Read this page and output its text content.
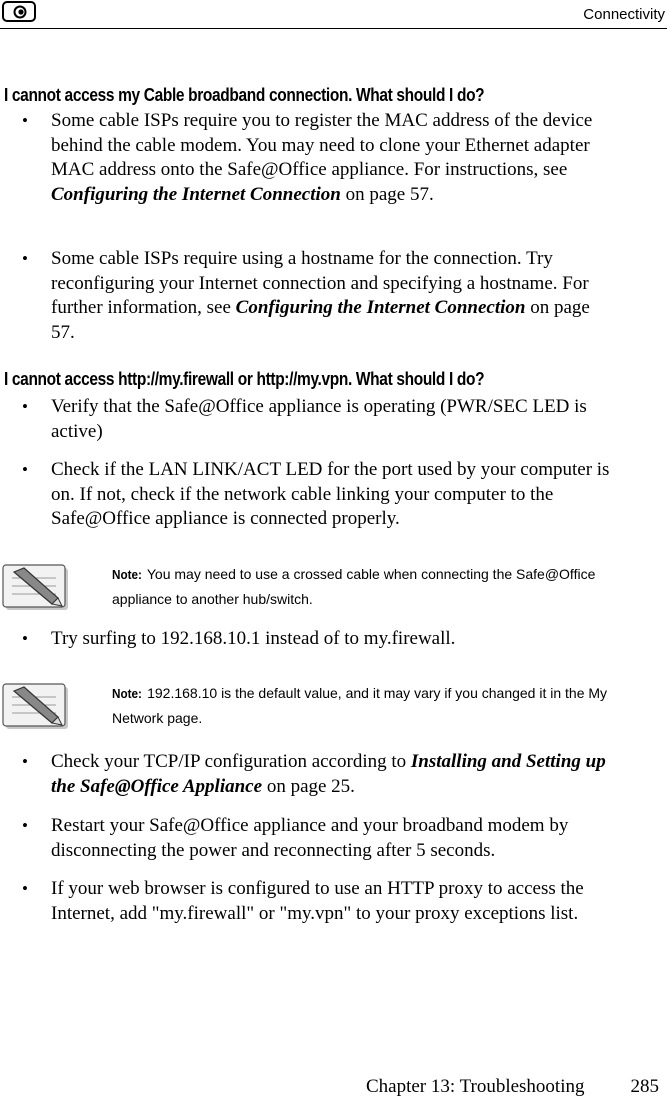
Connectivity
I cannot access my Cable broadband connection. What should I do?
• Some cable ISPs require you to register the MAC address of the device behind the cable modem. You may need to clone your Ethernet adapter MAC address onto the Safe@Office appliance. For instructions, see Configuring the Internet Connection on page 57.
• Some cable ISPs require using a hostname for the connection. Try reconfiguring your Internet connection and specifying a hostname. For further information, see Configuring the Internet Connection on page 57.
I cannot access http://my.firewall or http://my.vpn. What should I do?
• Verify that the Safe@Office appliance is operating (PWR/SEC LED is active)
• Check if the LAN LINK/ACT LED for the port used by your computer is on. If not, check if the network cable linking your computer to the Safe@Office appliance is connected properly.
Note: You may need to use a crossed cable when connecting the Safe@Office appliance to another hub/switch.
• Try surfing to 192.168.10.1 instead of to my.firewall.
Note: 192.168.10 is the default value, and it may vary if you changed it in the My Network page.
• Check your TCP/IP configuration according to Installing and Setting up the Safe@Office Appliance on page 25.
• Restart your Safe@Office appliance and your broadband modem by disconnecting the power and reconnecting after 5 seconds.
• If your web browser is configured to use an HTTP proxy to access the
Internet, add "my.firewall" or "my.vpn" to your proxy exceptions list.
Chapter 13: Troubleshooting 285
